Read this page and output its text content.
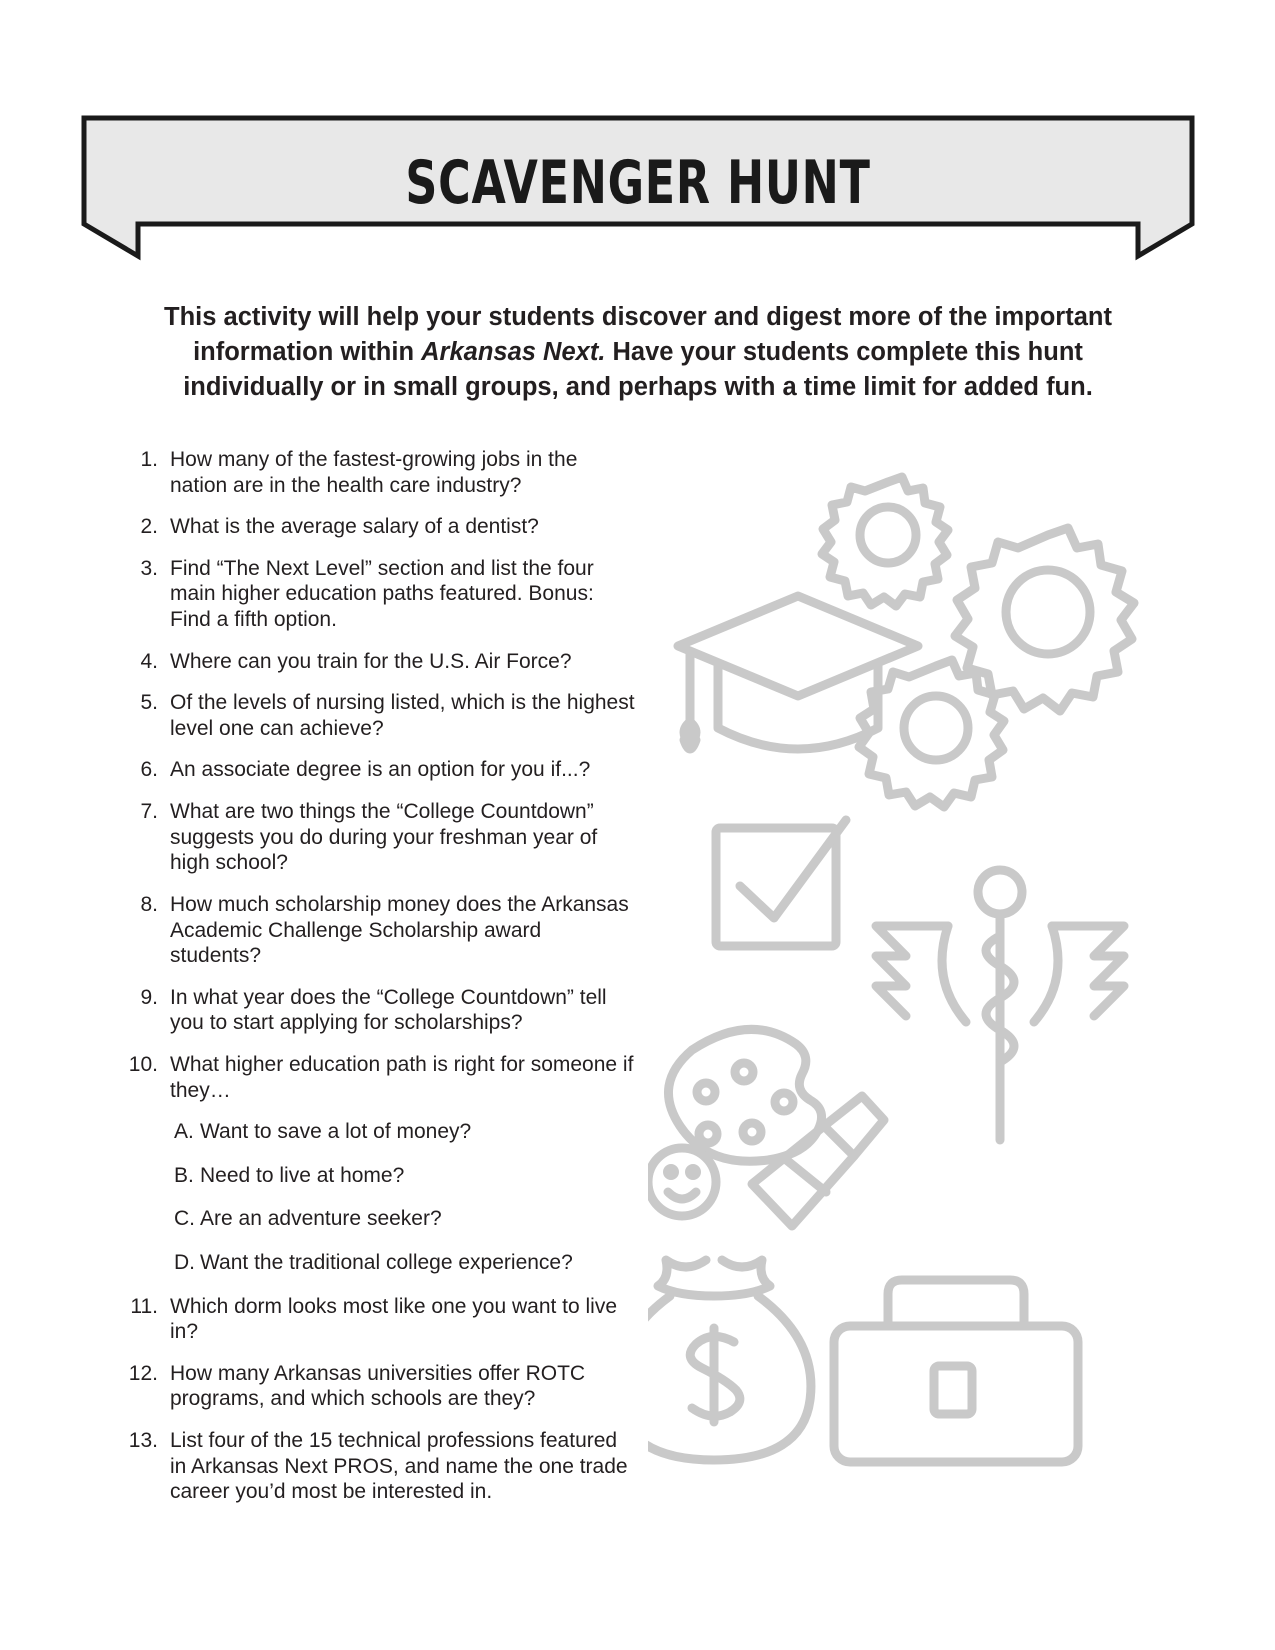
SCAVENGER HUNT
This activity will help your students discover and digest more of the important information within Arkansas Next. Have your students complete this hunt individually or in small groups, and perhaps with a time limit for added fun.
1. How many of the fastest-growing jobs in the nation are in the health care industry?
2. What is the average salary of a dentist?
3. Find “The Next Level” section and list the four main higher education paths featured. Bonus: Find a fifth option.
4. Where can you train for the U.S. Air Force?
5. Of the levels of nursing listed, which is the highest level one can achieve?
6. An associate degree is an option for you if...?
7. What are two things the “College Countdown” suggests you do during your freshman year of high school?
8. How much scholarship money does the Arkansas Academic Challenge Scholarship award students?
9. In what year does the “College Countdown” tell you to start applying for scholarships?
10. What higher education path is right for someone if they…
A. Want to save a lot of money?
B. Need to live at home?
C. Are an adventure seeker?
D. Want the traditional college experience?
11. Which dorm looks most like one you want to live in?
12. How many Arkansas universities offer ROTC programs, and which schools are they?
13. List four of the 15 technical professions featured in Arkansas Next PROS, and name the one trade career you’d most be interested in.
